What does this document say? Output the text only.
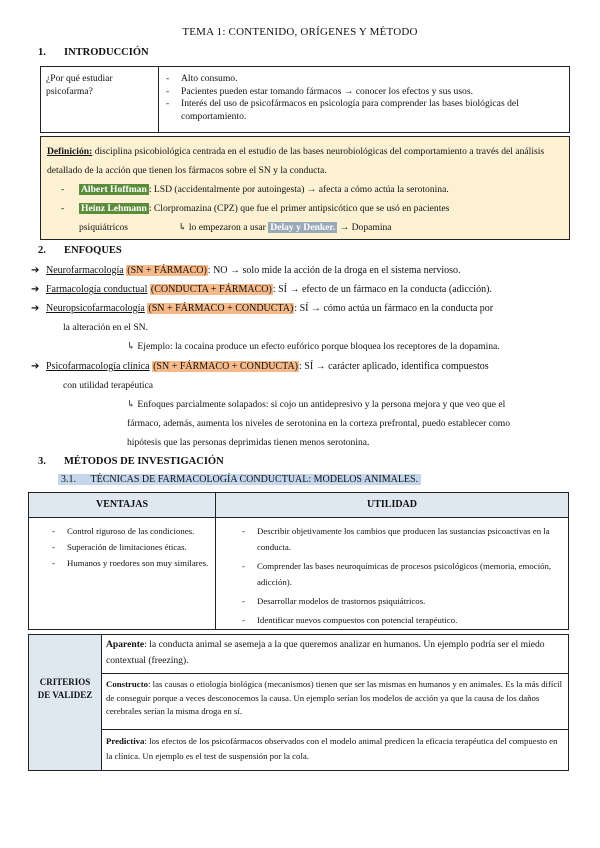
TEMA 1: CONTENIDO, ORÍGENES Y MÉTODO
1. INTRODUCCIÓN
¿Por qué estudiar psicofarma?
- Alto consumo.
- Pacientes pueden estar tomando fármacos → conocer los efectos y sus usos.
- Interés del uso de psicofármacos en psicología para comprender las bases biológicas del comportamiento.
Definición: disciplina psicobiológica centrada en el estudio de las bases neurobiológicas del comportamiento a través del análisis detallado de la acción que tienen los fármacos sobre el SN y la conducta.
- Albert Hoffman : LSD (accidentalmente por autoingesta) → afecta a cómo actúa la serotonina.
- Heinz Lehmann : Clorpromazina (CPZ) que fue el primer antipsicótico que se usó en pacientes
psiquiátricos	↳ lo empezaron a usar Delay y Denker. → Dopamina
2. ENFOQUES
➔ Neurofarmacología (SN + FÁRMACO): NO → solo mide la acción de la droga en el sistema nervioso.
➔ Farmacología conductual (CONDUCTA + FÁRMACO): SÍ → efecto de un fármaco en la conducta (adicción).
➔ Neuropsicofarmacología (SN + FÁRMACO + CONDUCTA): SÍ → cómo actúa un fármaco en la conducta por
la alteración en el SN.
↳ Ejemplo: la cocaína produce un efecto eufórico porque bloquea los receptores de la dopamina.
➔ Psicofarmacología clínica (SN + FÁRMACO + CONDUCTA): SÍ → carácter aplicado, identifica compuestos
con utilidad terapéutica
↳ Enfoques parcialmente solapados: si cojo un antidepresivo y la persona mejora y que veo que el
fármaco, además, aumenta los niveles de serotonina en la corteza prefrontal, puedo establecer como
hipótesis que las personas deprimidas tienen menos serotonina.
3. MÉTODOS DE INVESTIGACIÓN
3.1. TÉCNICAS DE FARMACOLOGÍA CONDUCTUAL: MODELOS ANIMALES.
VENTAJAS	UTILIDAD
- Control riguroso de las condiciones.
- Superación de limitaciones éticas.
- Humanos y roedores son muy similares.
- Describir objetivamente los cambios que producen las sustancias psicoactivas en la conducta.
- Comprender las bases neuroquímicas de procesos psicológicos (memoria, emoción, adicción).
- Desarrollar modelos de trastornos psiquiátricos.
- Identificar nuevos compuestos con potencial terapéutico.
CRITERIOS
DE VALIDEZ
Aparente: la conducta animal se asemeja a la que queremos analizar en humanos. Un ejemplo podría ser el miedo contextual (freezing).
Constructo: las causas o etiología biológica (mecanismos) tienen que ser las mismas en humanos y en animales. Es la más difícil de conseguir porque a veces desconocemos la causa. Un ejemplo serían los modelos de acción ya que la causa de los daños cerebrales serían la misma droga en sí.
Predictiva: los efectos de los psicofármacos observados con el modelo animal predicen la eficacia terapéutica del compuesto en la clínica. Un ejemplo es el test de suspensión por la cola.
